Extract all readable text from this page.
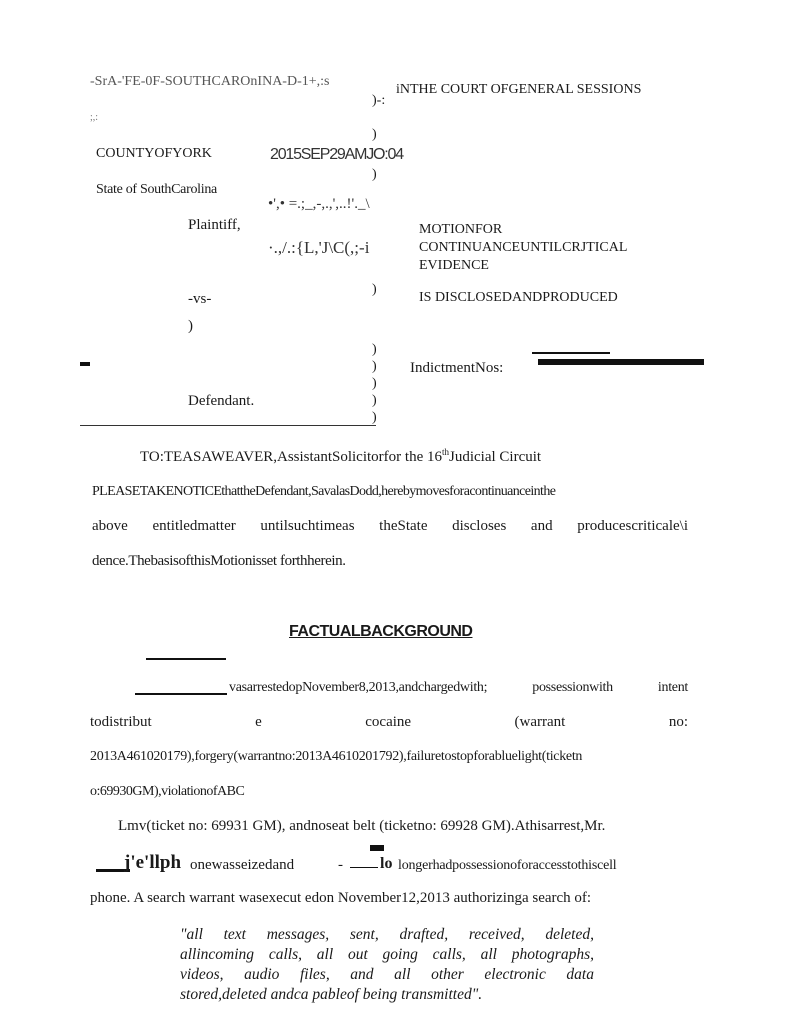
-SrA-'FE-0F-SOUTHCAROnINA-D-1+,:s
;,:
COUNTYOFYORK	2015SEP29AMJO:04
State of SouthCarolina
•',• =.;_,-,.,',..!'._\
Plaintiff,
·.,/.:{L,'J\C(,;-i
-vs-
)
Defendant.
)-:
)
)
)
)
)
)
)
)
iNTHE COURT OFGENERAL SESSIONS
MOTIONFOR
CONTINUANCEUNTILCRJTICAL
EVIDENCE
IS DISCLOSEDANDPRODUCED
IndictmentNos:
TO:TEASAWEAVER,AssistantSolicitorfor the 16thJudicial Circuit
PLEASETAKENOTICEthattheDefendant,SavalasDodd,herebymovesforacontinuanceinthe
above entitledmatter untilsuchtimeas theState discloses and producescriticale\i
dence.ThebasisofthisMotionisset forthherein.
FACTUALBACKGROUND
vasarrestedopNovember8,2013,andchargedwith; possessionwith intent
todistribut e cocaine (warrant no:
2013A461020179),forgery(warrantno:2013A4610201792),failuretostopforabluelight(ticketn
o:69930GM),violationofABC
Lmv(ticket no: 69931 GM), andnoseat belt (ticketno: 69928 GM).Athisarrest,Mr.
j'e'llph onewasseizedand	- lo longerhadpossessionoforaccesstothiscell
phone. A search warrant wasexecut edon November12,2013 authorizinga search of:
"all text messages, sent, drafted, received, deleted,
allincoming calls, all out going calls, all photographs,
videos, audio files, and all other electronic data
stored,deleted andca pableof being transmitted".
